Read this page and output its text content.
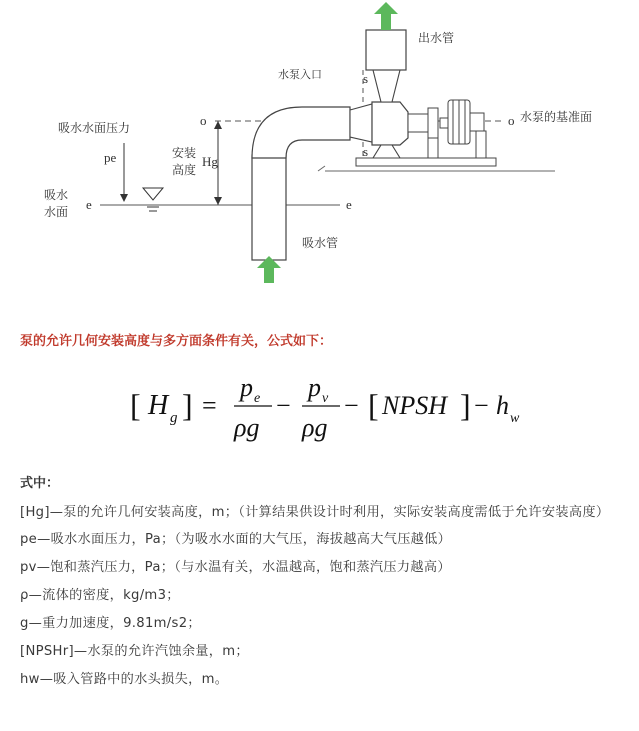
出水管
水泵入口
水泵的基准面
吸水水面压力
pe	安装
高度
Hg
吸水
水面
吸水管
o	o
e	e
s
s

泵的允许几何安装高度与多方面条件有关，公式如下：

[ H g ] =
p e
ρg
−
p v
ρg
− [ NPSH ] − h w

式中：

[Hg]—泵的允许几何安装高度，m；（计算结果供设计时利用，实际安装高度需低于允许安装高度）
pe—吸水水面压力，Pa；（为吸水水面的大气压，海拔越高大气压越低）
pv—饱和蒸汽压力，Pa；（与水温有关，水温越高，饱和蒸汽压力越高）
ρ—流体的密度，kg/m3；
g—重力加速度，9.81m/s2；
[NPSHr]—水泵的允许汽蚀余量，m；
hw—吸入管路中的水头损失，m。
